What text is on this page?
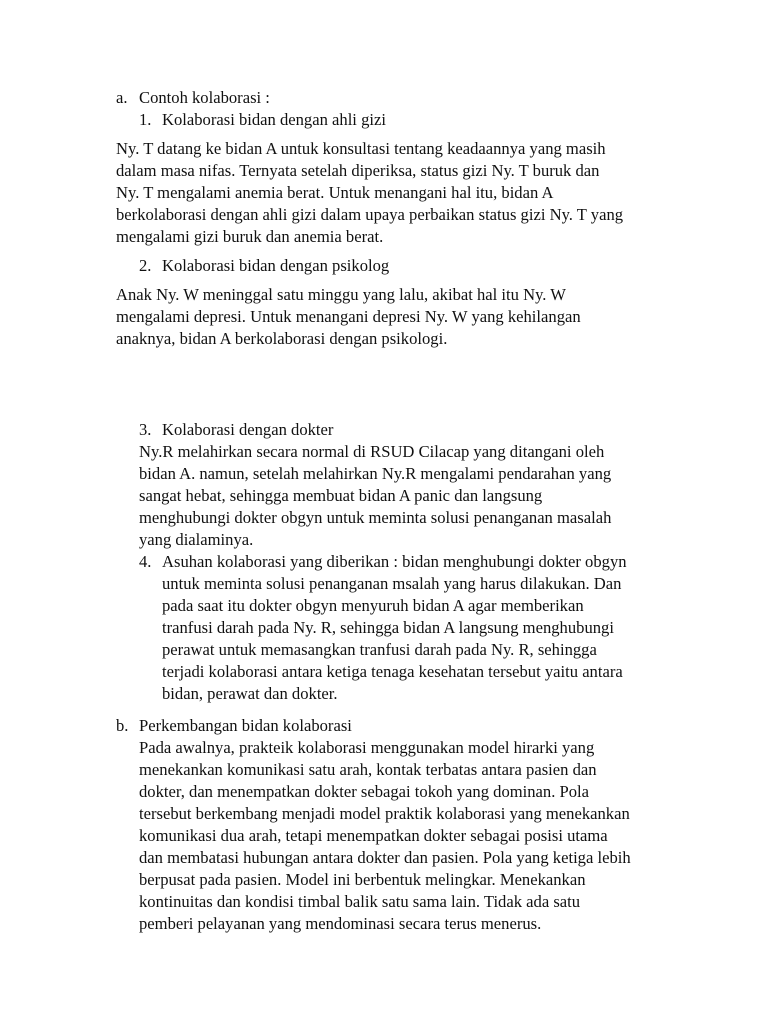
a. Contoh kolaborasi :
1. Kolaborasi bidan dengan ahli gizi
Ny. T datang ke bidan A untuk konsultasi tentang keadaannya yang masih
dalam masa nifas. Ternyata setelah diperiksa, status gizi Ny. T buruk dan
Ny. T mengalami anemia berat. Untuk menangani hal itu, bidan A
berkolaborasi dengan ahli gizi dalam upaya perbaikan status gizi Ny. T yang
mengalami gizi buruk dan anemia berat.
2. Kolaborasi bidan dengan psikolog
Anak Ny. W meninggal satu minggu yang lalu, akibat hal itu Ny. W
mengalami depresi. Untuk menangani depresi Ny. W yang kehilangan
anaknya, bidan A berkolaborasi dengan psikologi.
3. Kolaborasi dengan dokter
Ny.R melahirkan secara normal di RSUD Cilacap yang ditangani oleh
bidan A. namun, setelah melahirkan Ny.R mengalami pendarahan yang
sangat hebat, sehingga membuat bidan A panic dan langsung
menghubungi dokter obgyn untuk meminta solusi penanganan masalah
yang dialaminya.
4. Asuhan kolaborasi yang diberikan : bidan menghubungi dokter obgyn
untuk meminta solusi penanganan msalah yang harus dilakukan. Dan
pada saat itu dokter obgyn menyuruh bidan A agar memberikan
tranfusi darah pada Ny. R, sehingga bidan A langsung menghubungi
perawat untuk memasangkan tranfusi darah pada Ny. R, sehingga
terjadi kolaborasi antara ketiga tenaga kesehatan tersebut yaitu antara
bidan, perawat dan dokter.
b. Perkembangan bidan kolaborasi
Pada awalnya, prakteik kolaborasi menggunakan model hirarki yang
menekankan komunikasi satu arah, kontak terbatas antara pasien dan
dokter, dan menempatkan dokter sebagai tokoh yang dominan. Pola
tersebut berkembang menjadi model praktik kolaborasi yang menekankan
komunikasi dua arah, tetapi menempatkan dokter sebagai posisi utama
dan membatasi hubungan antara dokter dan pasien. Pola yang ketiga lebih
berpusat pada pasien. Model ini berbentuk melingkar. Menekankan
kontinuitas dan kondisi timbal balik satu sama lain. Tidak ada satu
pemberi pelayanan yang mendominasi secara terus menerus.
